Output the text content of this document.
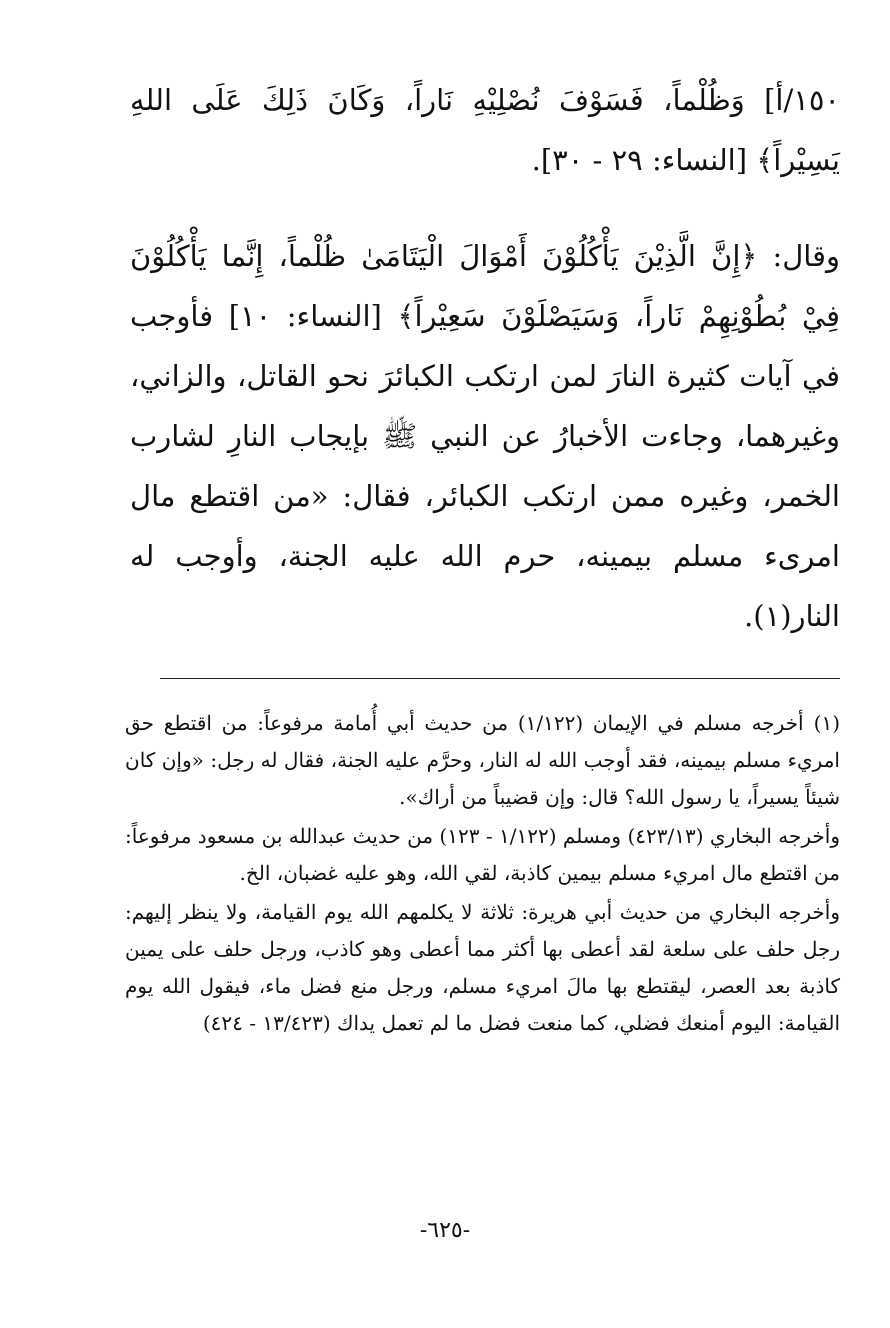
١٥٠/أ] وَظُلْماً، فَسَوْفَ نُصْلِيْهِ نَاراً، وَكَانَ ذَلِكَ عَلَى اللهِ يَسِيْراً﴾ [النساء: ٢٩ - ٣٠].

وقال: ﴿إِنَّ الَّذِيْنَ يَأْكُلُوْنَ أَمْوَالَ الْيَتَامَىٰ ظُلْماً، إِنَّما يَأْكُلُوْنَ فِيْ بُطُوْنِهِمْ نَاراً، وَسَيَصْلَوْنَ سَعِيْراً﴾ [النساء: ١٠] فأوجب في آيات كثيرة النارَ لمن ارتكب الكبائرَ نحو القاتل، والزاني، وغيرهما، وجاءت الأخبارُ عن النبي ﷺ بإيجاب النارِ لشارب الخمر، وغيره ممن ارتكب الكبائر، فقال: «من اقتطع مال امرىء مسلم بيمينه، حرم الله عليه الجنة، وأوجب له النار(١).

(١)أخرجه مسلم في الإيمان (١/١٢٢) من حديث أبي أُمامة مرفوعاً: من اقتطع حق امريء مسلم بيمينه، فقد أوجب الله له النار، وحرَّم عليه الجنة، فقال له رجل: «وإن كان شيئاً يسيراً، يا رسول الله؟ قال: وإن قضيباً من أراك».

وأخرجه البخاري (٤٢٣/١٣) ومسلم (١/١٢٢ - ١٢٣) من حديث عبدالله بن مسعود مرفوعاً: من اقتطع مال امريء مسلم بيمين كاذبة، لقي الله، وهو عليه غضبان، الخ.

وأخرجه البخاري من حديث أبي هريرة: ثلاثة لا يكلمهم الله يوم القيامة، ولا ينظر إليهم: رجل حلف على سلعة لقد أعطى بها أكثر مما أعطى وهو كاذب، ورجل حلف على يمين كاذبة بعد العصر، ليقتطع بها مالَ امريء مسلم، ورجل منع فضل ماء، فيقول الله يوم القيامة: اليوم أمنعك فضلي، كما منعت فضل ما لم تعمل يداك (١٣/٤٢٣ - ٤٢٤)

-٦٢٥-
